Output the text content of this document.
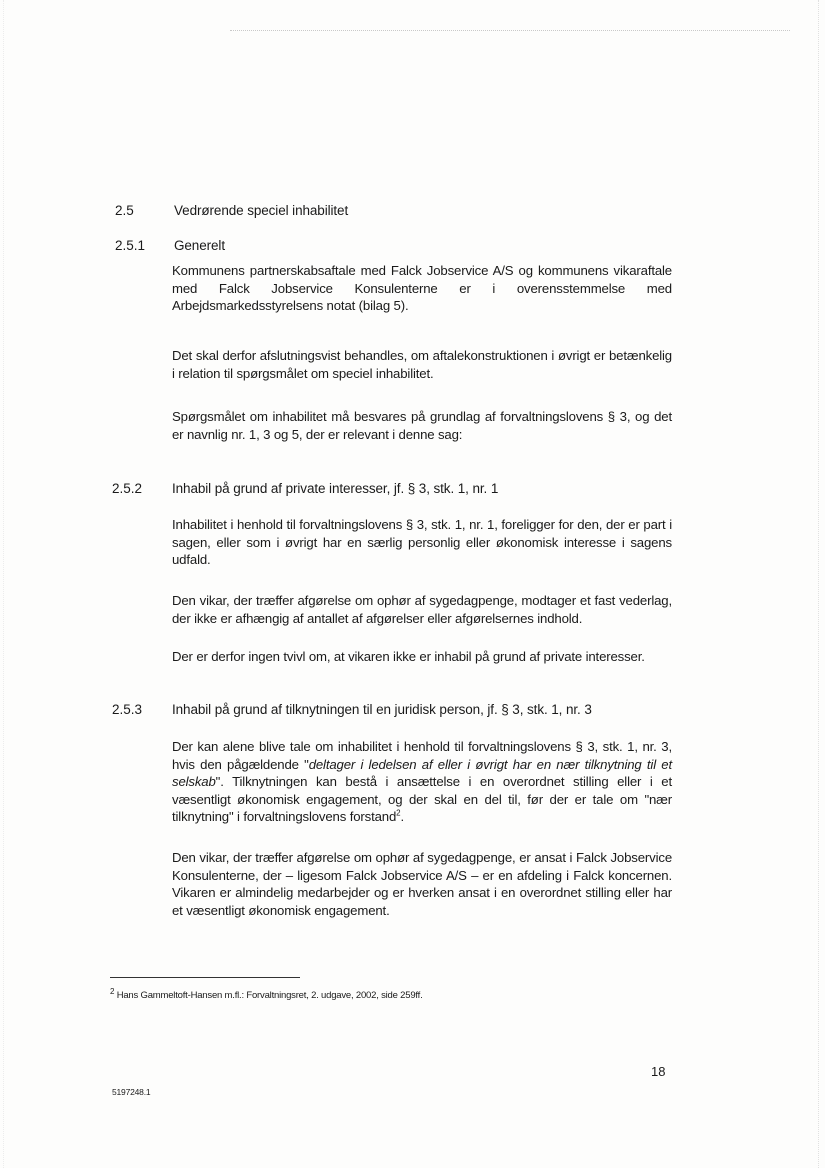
2.5	Vedrørende speciel inhabilitet
2.5.1 Generelt

Kommunens partnerskabsaftale med Falck Jobservice A/S og kommunens vikaraftale med Falck Jobservice Konsulenterne er i overensstemmelse med Arbejdsmarkedsstyrelsens notat (bilag 5).

Det skal derfor afslutningsvist behandles, om aftalekonstruktionen i øvrigt er betænkelig i relation til spørgsmålet om speciel inhabilitet.

Spørgsmålet om inhabilitet må besvares på grundlag af forvaltningslovens § 3, og det er navnlig nr. 1, 3 og 5, der er relevant i denne sag:

2.5.2 Inhabil på grund af private interesser, jf. § 3, stk. 1, nr. 1

Inhabilitet i henhold til forvaltningslovens § 3, stk. 1, nr. 1, foreligger for den, der er part i sagen, eller som i øvrigt har en særlig personlig eller økonomisk interesse i sagens udfald.

Den vikar, der træffer afgørelse om ophør af sygedagpenge, modtager et fast vederlag, der ikke er afhængig af antallet af afgørelser eller afgørelsernes indhold.

Der er derfor ingen tvivl om, at vikaren ikke er inhabil på grund af private interesser.

2.5.3 Inhabil på grund af tilknytningen til en juridisk person, jf. § 3, stk. 1, nr. 3

Der kan alene blive tale om inhabilitet i henhold til forvaltningslovens § 3, stk. 1, nr. 3, hvis den pågældende "deltager i ledelsen af eller i øvrigt har en nær tilknytning til et selskab". Tilknytningen kan bestå i ansættelse i en overordnet stilling eller i et væsentligt økonomisk engagement, og der skal en del til, før der er tale om "nær tilknytning" i forvaltningslovens forstand$^2$.

Den vikar, der træffer afgørelse om ophør af sygedagpenge, er ansat i Falck Jobservice Konsulenterne, der – ligesom Falck Jobservice A/S – er en afdeling i Falck koncernen. Vikaren er almindelig medarbejder og er hverken ansat i en overordnet stilling eller har et væsentligt økonomisk engagement.

$^2$ Hans Gammeltoft-Hansen m.fl.: Forvaltningsret, 2. udgave, 2002, side 259ff.
18
5197248.1
